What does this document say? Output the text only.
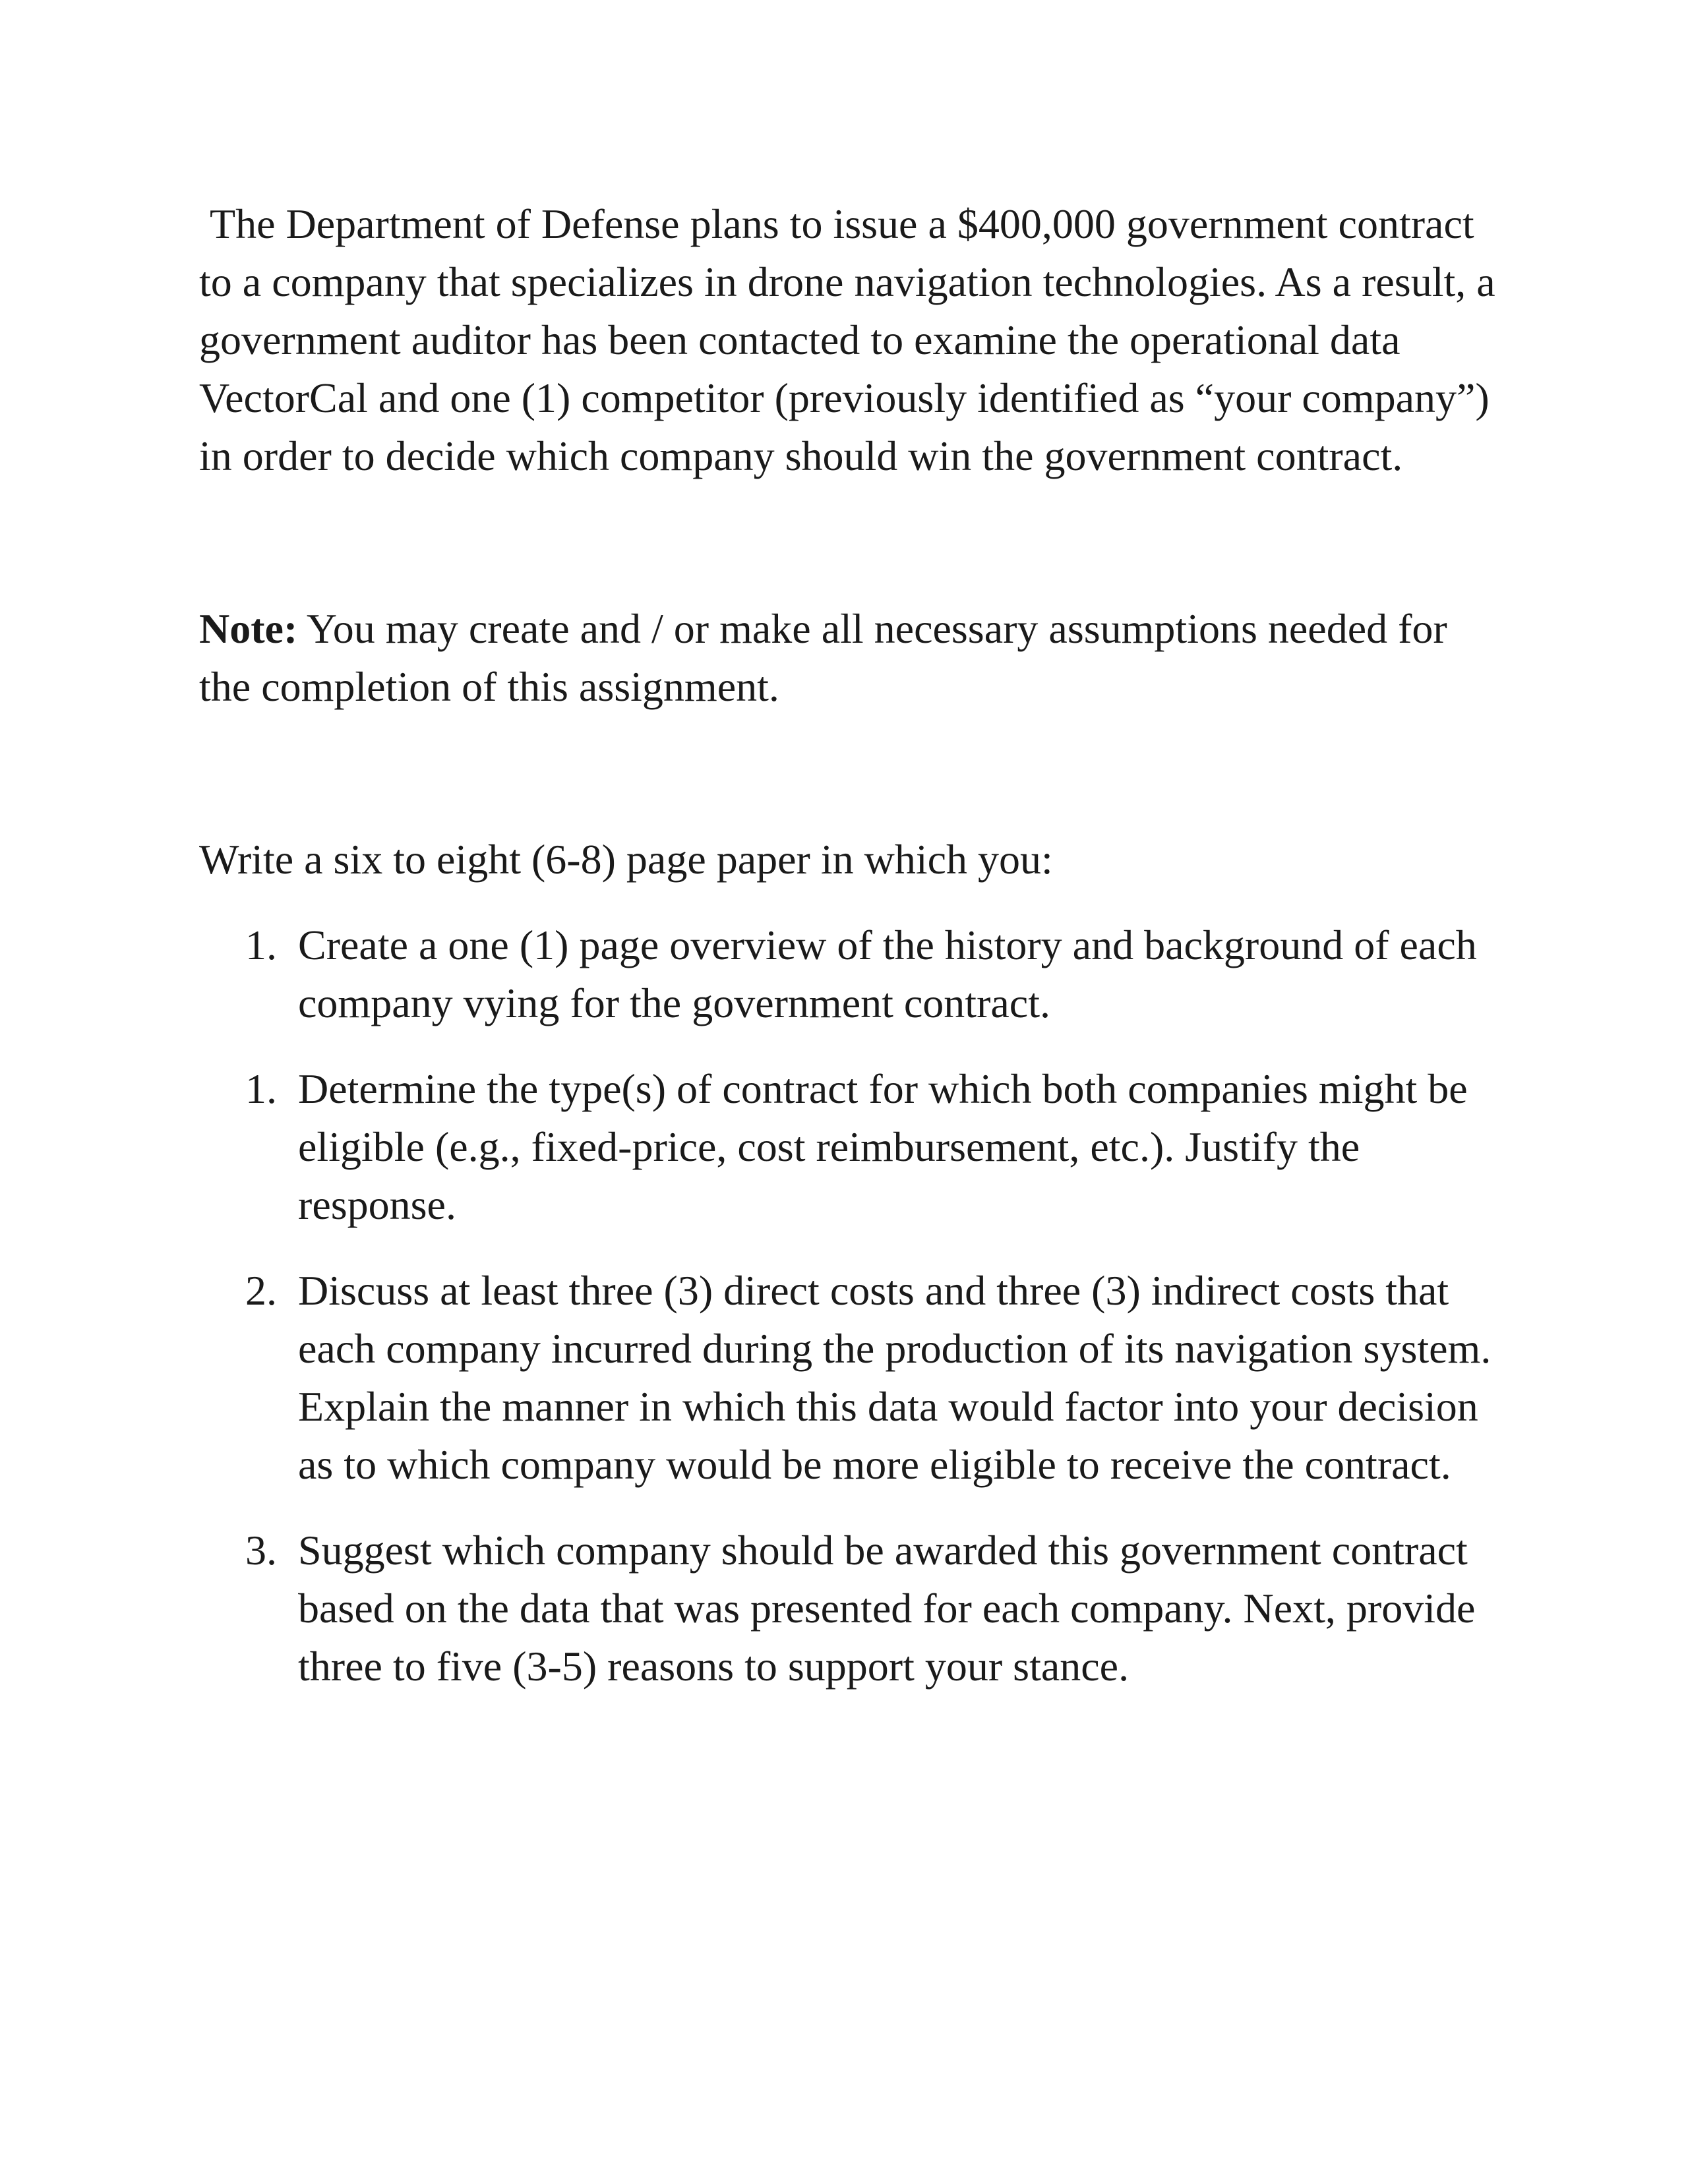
The Department of Defense plans to issue a $400,000 government contract to a company that specializes in drone navigation technologies. As a result, a government auditor has been contacted to examine the operational data VectorCal and one (1) competitor (previously identified as “your company”) in order to decide which company should win the government contract.

Note: You may create and / or make all necessary assumptions needed for the completion of this assignment.

Write a six to eight (6-8) page paper in which you:

1. Create a one (1) page overview of the history and background of each company vying for the government contract.
1. Determine the type(s) of contract for which both companies might be eligible (e.g., fixed-price, cost reimbursement, etc.). Justify the response.
2. Discuss at least three (3) direct costs and three (3) indirect costs that each company incurred during the production of its navigation system. Explain the manner in which this data would factor into your decision as to which company would be more eligible to receive the contract.
3. Suggest which company should be awarded this government contract based on the data that was presented for each company. Next, provide three to five (3-5) reasons to support your stance.
